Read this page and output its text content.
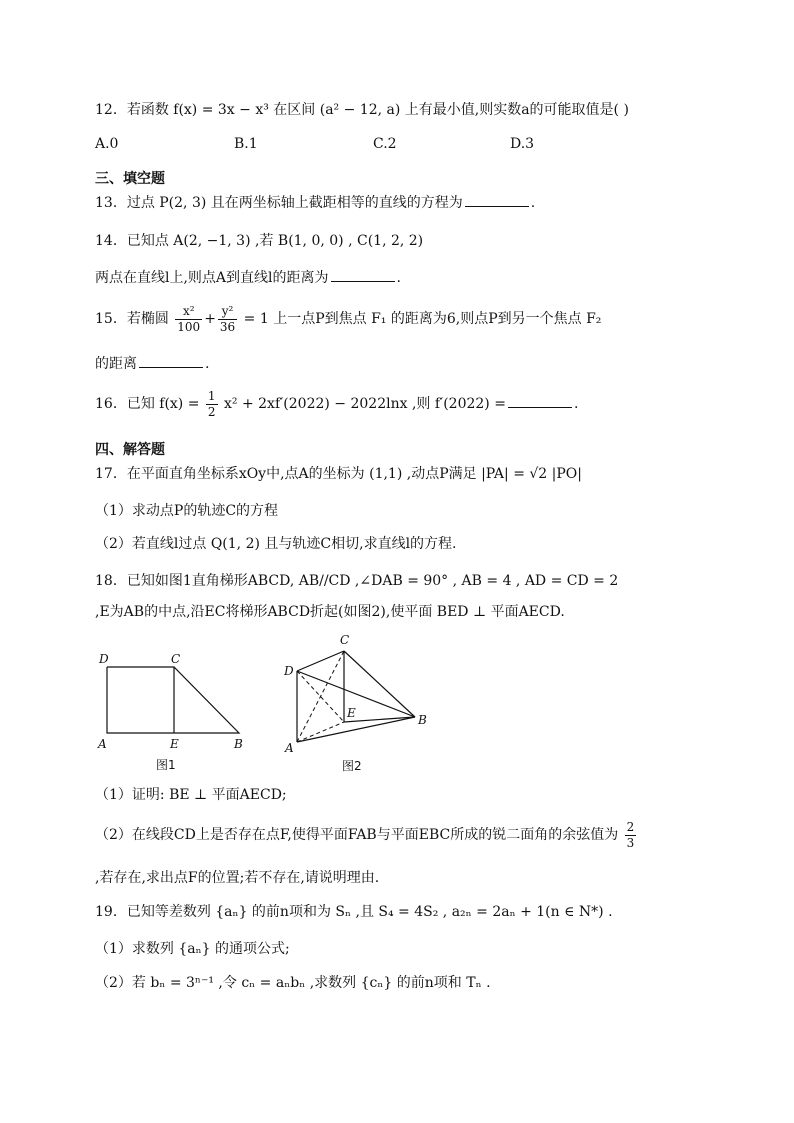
12．若函数 f(x) = 3x − x³ 在区间 (a² − 12, a) 上有最小值,则实数a的可能取值是( )
A.0	B.1	C.2	D.3
三、填空题
13．过点 P(2, 3) 且在两坐标轴上截距相等的直线的方程为	.
14．已知点 A(2, −1, 3) ,若 B(1, 0, 0) , C(1, 2, 2)
两点在直线l上,则点A到直线l的距离为	.
15．若椭圆 $\frac{\text{x²}}{100} + \frac{\text{y²}}{36} = 1$ 上一点P到焦点 F₁ 的距离为6,则点P到另一个焦点 F₂
的距离	.
16．已知 $f(x) = \frac{1}{2} x^2 + 2xf'(2022) - 2022\ln x$ ,则 f′(2022) =	.
四、解答题
17．在平面直角坐标系xOy中,点A的坐标为 (1,1) ,动点P满足 |PA| = √2 |PO|
（1）求动点P的轨迹C的方程
（2）若直线l过点 Q(1, 2) 且与轨迹C相切,求直线l的方程.
18．已知如图1直角梯形ABCD, AB//CD ,∠DAB = 90° , AB = 4 , AD = CD = 2
,E为AB的中点,沿EC将梯形ABCD折起(如图2),使平面 BED ⊥ 平面AECD.
D	C
A	E	B
图1
C
D
E	B
A
图2
（1）证明: BE ⊥ 平面AECD;
（2）在线段CD上是否存在点F,使得平面FAB与平面EBC所成的锐二面角的余弦值为 $\frac{2}{3}$
,若存在,求出点F的位置;若不存在,请说明理由.
19．已知等差数列 {aₙ} 的前n项和为 Sₙ ,且 S₄ = 4S₂ , a₂ₙ = 2aₙ + 1(n ∈ N*) .
（1）求数列 {aₙ} 的通项公式;
（2）若 bₙ = 3ⁿ⁻¹ ,令 cₙ = aₙbₙ ,求数列 {cₙ} 的前n项和 Tₙ .
